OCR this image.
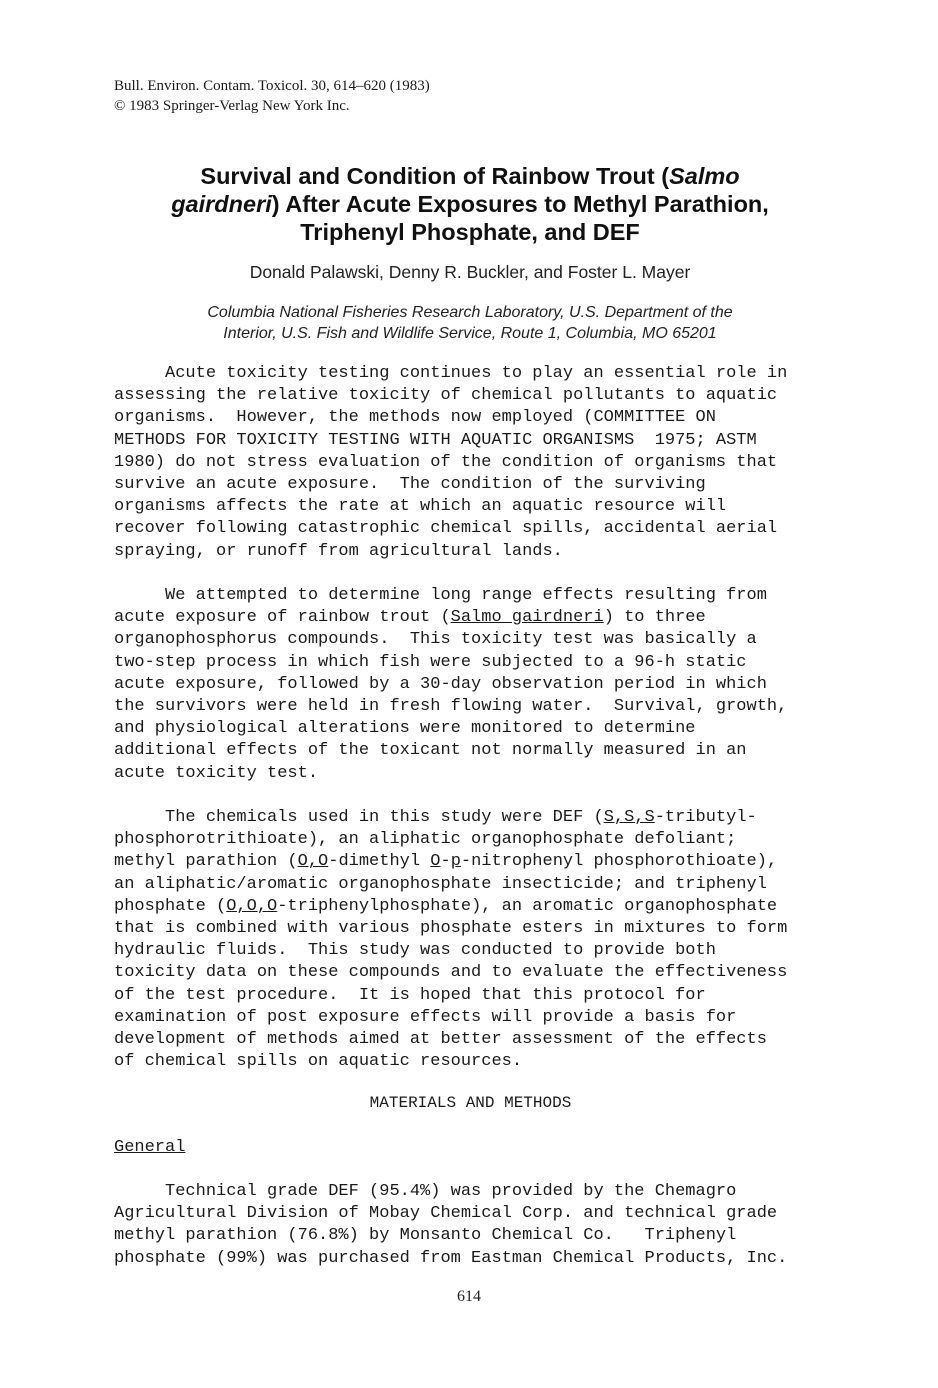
Bull. Environ. Contam. Toxicol. 30, 614–620 (1983)
© 1983 Springer-Verlag New York Inc.
Survival and Condition of Rainbow Trout (Salmo
gairdneri) After Acute Exposures to Methyl Parathion,
Triphenyl Phosphate, and DEF
Donald Palawski, Denny R. Buckler, and Foster L. Mayer
Columbia National Fisheries Research Laboratory, U.S. Department of the
Interior, U.S. Fish and Wildlife Service, Route 1, Columbia, MO 65201
Acute toxicity testing continues to play an essential role in
assessing the relative toxicity of chemical pollutants to aquatic
organisms.  However, the methods now employed (COMMITTEE ON
METHODS FOR TOXICITY TESTING WITH AQUATIC ORGANISMS  1975; ASTM
1980) do not stress evaluation of the condition of organisms that
survive an acute exposure.  The condition of the surviving
organisms affects the rate at which an aquatic resource will
recover following catastrophic chemical spills, accidental aerial
spraying, or runoff from agricultural lands.
We attempted to determine long range effects resulting from
acute exposure of rainbow trout (Salmo gairdneri) to three
organophosphorus compounds.  This toxicity test was basically a
two-step process in which fish were subjected to a 96-h static
acute exposure, followed by a 30-day observation period in which
the survivors were held in fresh flowing water.  Survival, growth,
and physiological alterations were monitored to determine
additional effects of the toxicant not normally measured in an
acute toxicity test.
The chemicals used in this study were DEF (S,S,S-tributyl-
phosphorotrithioate), an aliphatic organophosphate defoliant;
methyl parathion (O,O-dimethyl O-p-nitrophenyl phosphorothioate),
an aliphatic/aromatic organophosphate insecticide; and triphenyl
phosphate (O,O,O-triphenylphosphate), an aromatic organophosphate
that is combined with various phosphate esters in mixtures to form
hydraulic fluids.  This study was conducted to provide both
toxicity data on these compounds and to evaluate the effectiveness
of the test procedure.  It is hoped that this protocol for
examination of post exposure effects will provide a basis for
development of methods aimed at better assessment of the effects
of chemical spills on aquatic resources.
MATERIALS AND METHODS
General
Technical grade DEF (95.4%) was provided by the Chemagro
Agricultural Division of Mobay Chemical Corp. and technical grade
methyl parathion (76.8%) by Monsanto Chemical Co.   Triphenyl
phosphate (99%) was purchased from Eastman Chemical Products, Inc.
614
